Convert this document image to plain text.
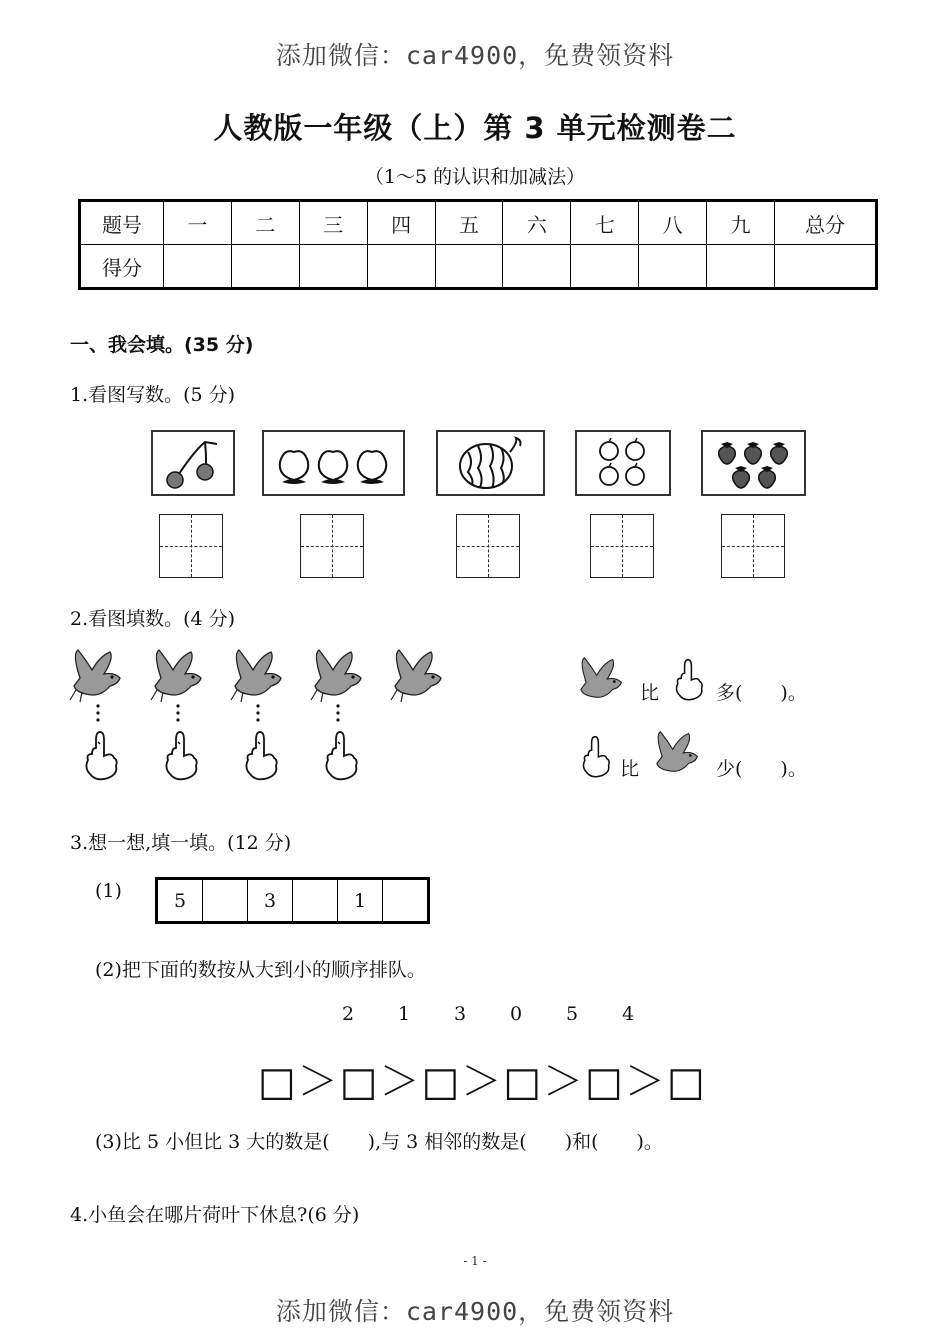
添加微信：car4900，免费领资料
人教版一年级（上）第 3 单元检测卷二
（1～5 的认识和加减法）
题号	一	二	三	四	五	六	七	八	九	总分
得分										
一、我会填。(35 分)
1.看图写数。(5 分)
2.看图填数。(4 分)
比	多(　　)。
比	少(　　)。
3.想一想,填一填。(12 分)
(1)	5		3		1	
(2)把下面的数按从大到小的顺序排队。
2 1 3 0 5 4
□＞□＞□＞□＞□＞□
(3)比 5 小但比 3 大的数是(　　),与 3 相邻的数是(　　)和(　　)。
4.小鱼会在哪片荷叶下休息?(6 分)
- 1 -
添加微信：car4900，免费领资料
